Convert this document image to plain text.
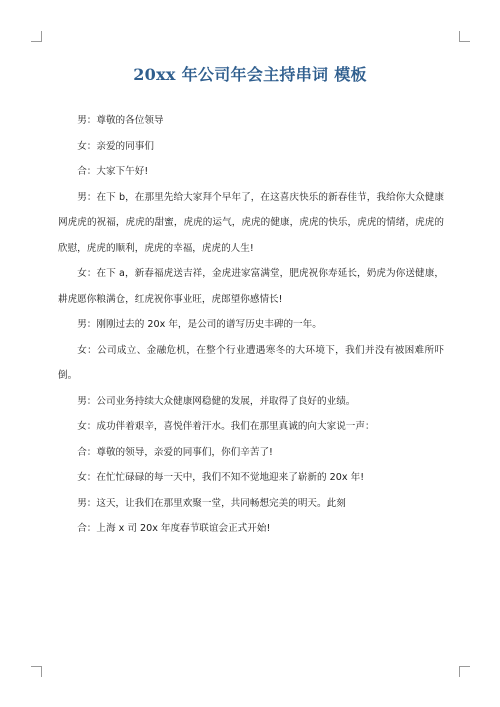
20xx 年公司年会主持串词 模板

男：尊敬的各位领导

女：亲爱的同事们

合：大家下午好!

男：在下 b，在那里先给大家拜个早年了，在这喜庆快乐的新春佳节，我给你大众健康网虎虎的祝福，虎虎的甜蜜，虎虎的运气，虎虎的健康，虎虎的快乐，虎虎的情绪，虎虎的欣慰，虎虎的顺利，虎虎的幸福，虎虎的人生!

女：在下 a，新春福虎送吉祥，金虎进家富满堂，肥虎祝你寿延长，奶虎为你送健康，耕虎愿你粮满仓，红虎祝你事业旺，虎郎望你感情长!

男：刚刚过去的 20x 年，是公司的谱写历史丰碑的一年。

女：公司成立、金融危机，在整个行业遭遇寒冬的大环境下，我们并没有被困难所吓倒。

男：公司业务持续大众健康网稳健的发展，并取得了良好的业绩。

女：成功伴着艰辛，喜悦伴着汗水。我们在那里真诚的向大家说一声：

合：尊敬的领导，亲爱的同事们，你们辛苦了!

女：在忙忙碌碌的每一天中，我们不知不觉地迎来了崭新的 20x 年!

男：这天，让我们在那里欢聚一堂，共同畅想完美的明天。此刻

合：上海 x 司 20x 年度春节联谊会正式开始!
